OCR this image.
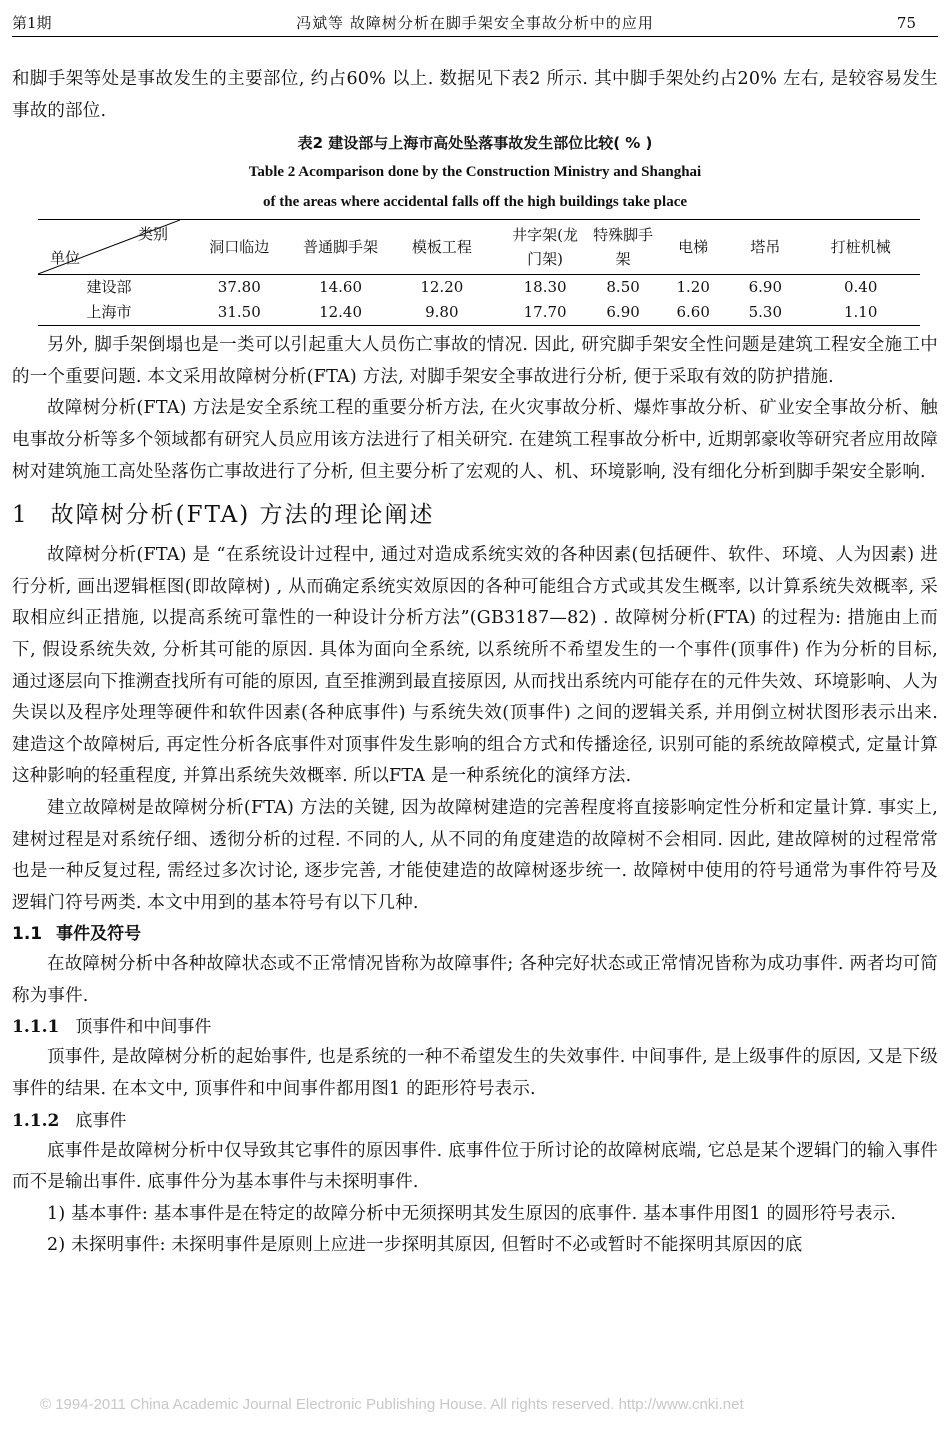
第1期	冯斌等 故障树分析在脚手架安全事故分析中的应用	75

和脚手架等处是事故发生的主要部位, 约占60% 以上. 数据见下表2 所示. 其中脚手架处约占20% 左右, 是较容易发生事故的部位.

表2 建设部与上海市高处坠落事故发生部位比较( % )
Table 2 Acomparison done by the Construction Ministry and Shanghai
of the areas where accidental falls off the high buildings take place
类别
单位	洞口临边	普通脚手架	模板工程	井字架(龙门架)	特殊脚手架	电梯	塔吊	打桩机械
建设部	37.80	14.60	12.20	18.30	8.50	1.20	6.90	0.40
上海市	31.50	12.40	9.80	17.70	6.90	6.60	5.30	1.10

另外, 脚手架倒塌也是一类可以引起重大人员伤亡事故的情况. 因此, 研究脚手架安全性问题是建筑工程安全施工中的一个重要问题. 本文采用故障树分析(FTA) 方法, 对脚手架安全事故进行分析, 便于采取有效的防护措施.

故障树分析(FTA) 方法是安全系统工程的重要分析方法, 在火灾事故分析、爆炸事故分析、矿业安全事故分析、触电事故分析等多个领域都有研究人员应用该方法进行了相关研究. 在建筑工程事故分析中, 近期郭豪收等研究者应用故障树对建筑施工高处坠落伤亡事故进行了分析, 但主要分析了宏观的人、机、环境影响, 没有细化分析到脚手架安全影响.

1 故障树分析(FTA) 方法的理论阐述

故障树分析(FTA) 是 “在系统设计过程中, 通过对造成系统实效的各种因素(包括硬件、软件、环境、人为因素) 进行分析, 画出逻辑框图(即故障树) , 从而确定系统实效原因的各种可能组合方式或其发生概率, 以计算系统失效概率, 采取相应纠正措施, 以提高系统可靠性的一种设计分析方法”(GB3187—82) . 故障树分析(FTA) 的过程为: 措施由上而下, 假设系统失效, 分析其可能的原因. 具体为面向全系统, 以系统所不希望发生的一个事件(顶事件) 作为分析的目标, 通过逐层向下推溯查找所有可能的原因, 直至推溯到最直接原因, 从而找出系统内可能存在的元件失效、环境影响、人为失误以及程序处理等硬件和软件因素(各种底事件) 与系统失效(顶事件) 之间的逻辑关系, 并用倒立树状图形表示出来. 建造这个故障树后, 再定性分析各底事件对顶事件发生影响的组合方式和传播途径, 识别可能的系统故障模式, 定量计算这种影响的轻重程度, 并算出系统失效概率. 所以FTA 是一种系统化的演绎方法.

建立故障树是故障树分析(FTA) 方法的关键, 因为故障树建造的完善程度将直接影响定性分析和定量计算. 事实上, 建树过程是对系统仔细、透彻分析的过程. 不同的人, 从不同的角度建造的故障树不会相同. 因此, 建故障树的过程常常也是一种反复过程, 需经过多次讨论, 逐步完善, 才能使建造的故障树逐步统一. 故障树中使用的符号通常为事件符号及逻辑门符号两类. 本文中用到的基本符号有以下几种.

1.1 事件及符号

在故障树分析中各种故障状态或不正常情况皆称为故障事件; 各种完好状态或正常情况皆称为成功事件. 两者均可简称为事件.

1.1.1 顶事件和中间事件

顶事件, 是故障树分析的起始事件, 也是系统的一种不希望发生的失效事件. 中间事件, 是上级事件的原因, 又是下级事件的结果. 在本文中, 顶事件和中间事件都用图1 的距形符号表示.

1.1.2 底事件

底事件是故障树分析中仅导致其它事件的原因事件. 底事件位于所讨论的故障树底端, 它总是某个逻辑门的输入事件而不是输出事件. 底事件分为基本事件与未探明事件.

1) 基本事件: 基本事件是在特定的故障分析中无须探明其发生原因的底事件. 基本事件用图1 的圆形符号表示.

2) 未探明事件: 未探明事件是原则上应进一步探明其原因, 但暂时不必或暂时不能探明其原因的底

© 1994-2011 China Academic Journal Electronic Publishing House. All rights reserved. http://www.cnki.net
